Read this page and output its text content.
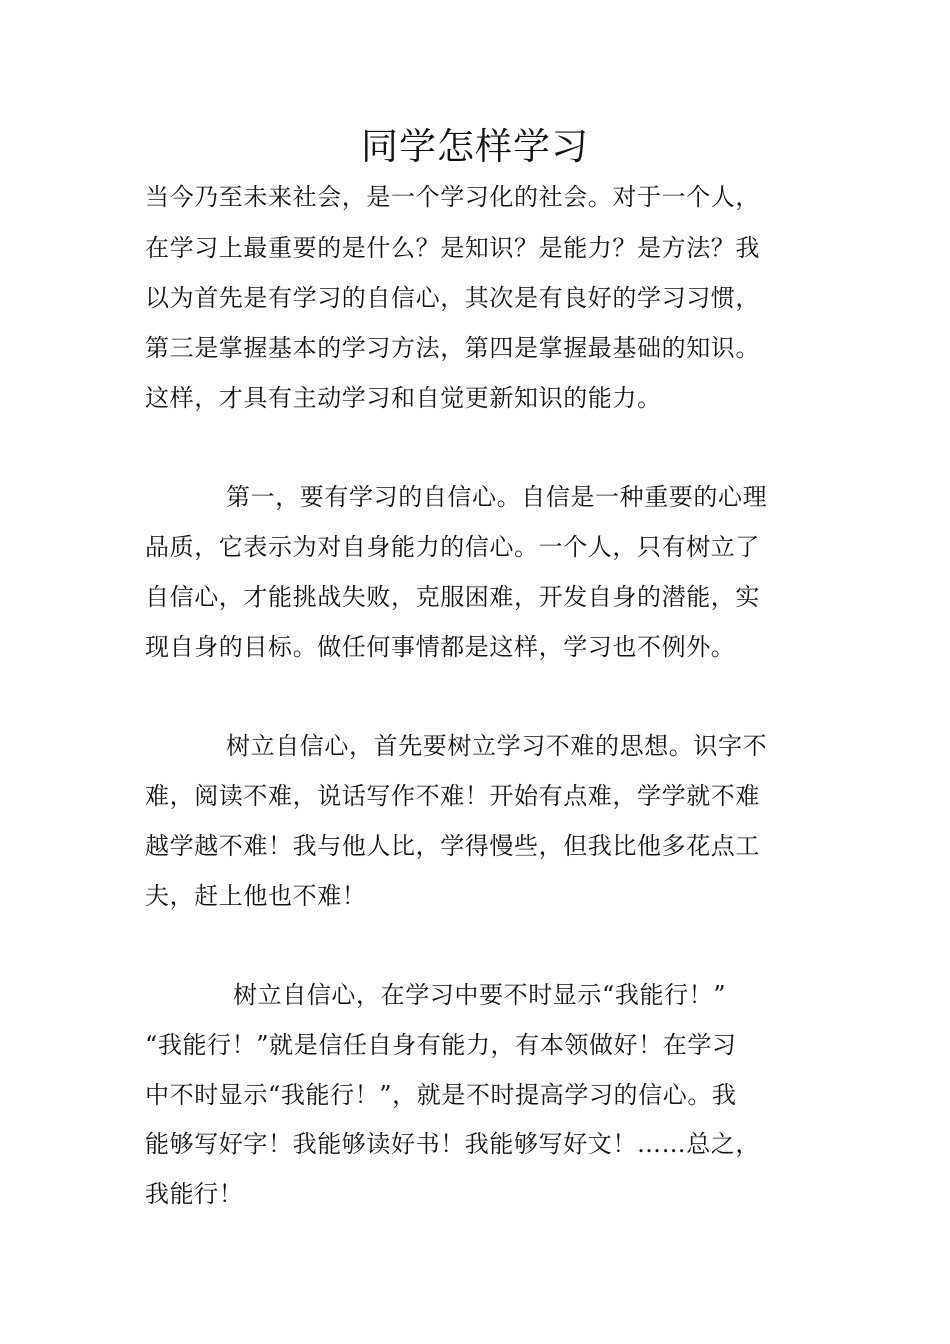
同学怎样学习
当今乃至未来社会，是一个学习化的社会。对于一个人，
在学习上最重要的是什么？是知识？是能力？是方法？我
以为首先是有学习的自信心，其次是有良好的学习习惯，
第三是掌握基本的学习方法，第四是掌握最基础的知识。
这样，才具有主动学习和自觉更新知识的能力。
第一，要有学习的自信心。自信是一种重要的心理
品质，它表示为对自身能力的信心。一个人，只有树立了
自信心，才能挑战失败，克服困难，开发自身的潜能，实
现自身的目标。做任何事情都是这样，学习也不例外。
树立自信心，首先要树立学习不难的思想。识字不
难，阅读不难，说话写作不难！开始有点难，学学就不难
越学越不难！我与他人比，学得慢些，但我比他多花点工
夫，赶上他也不难！
树立自信心，在学习中要不时显示“我能行！”
“我能行！”就是信任自身有能力，有本领做好！在学习
中不时显示“我能行！”，就是不时提高学习的信心。我
能够写好字！我能够读好书！我能够写好文！……总之，
我能行！
